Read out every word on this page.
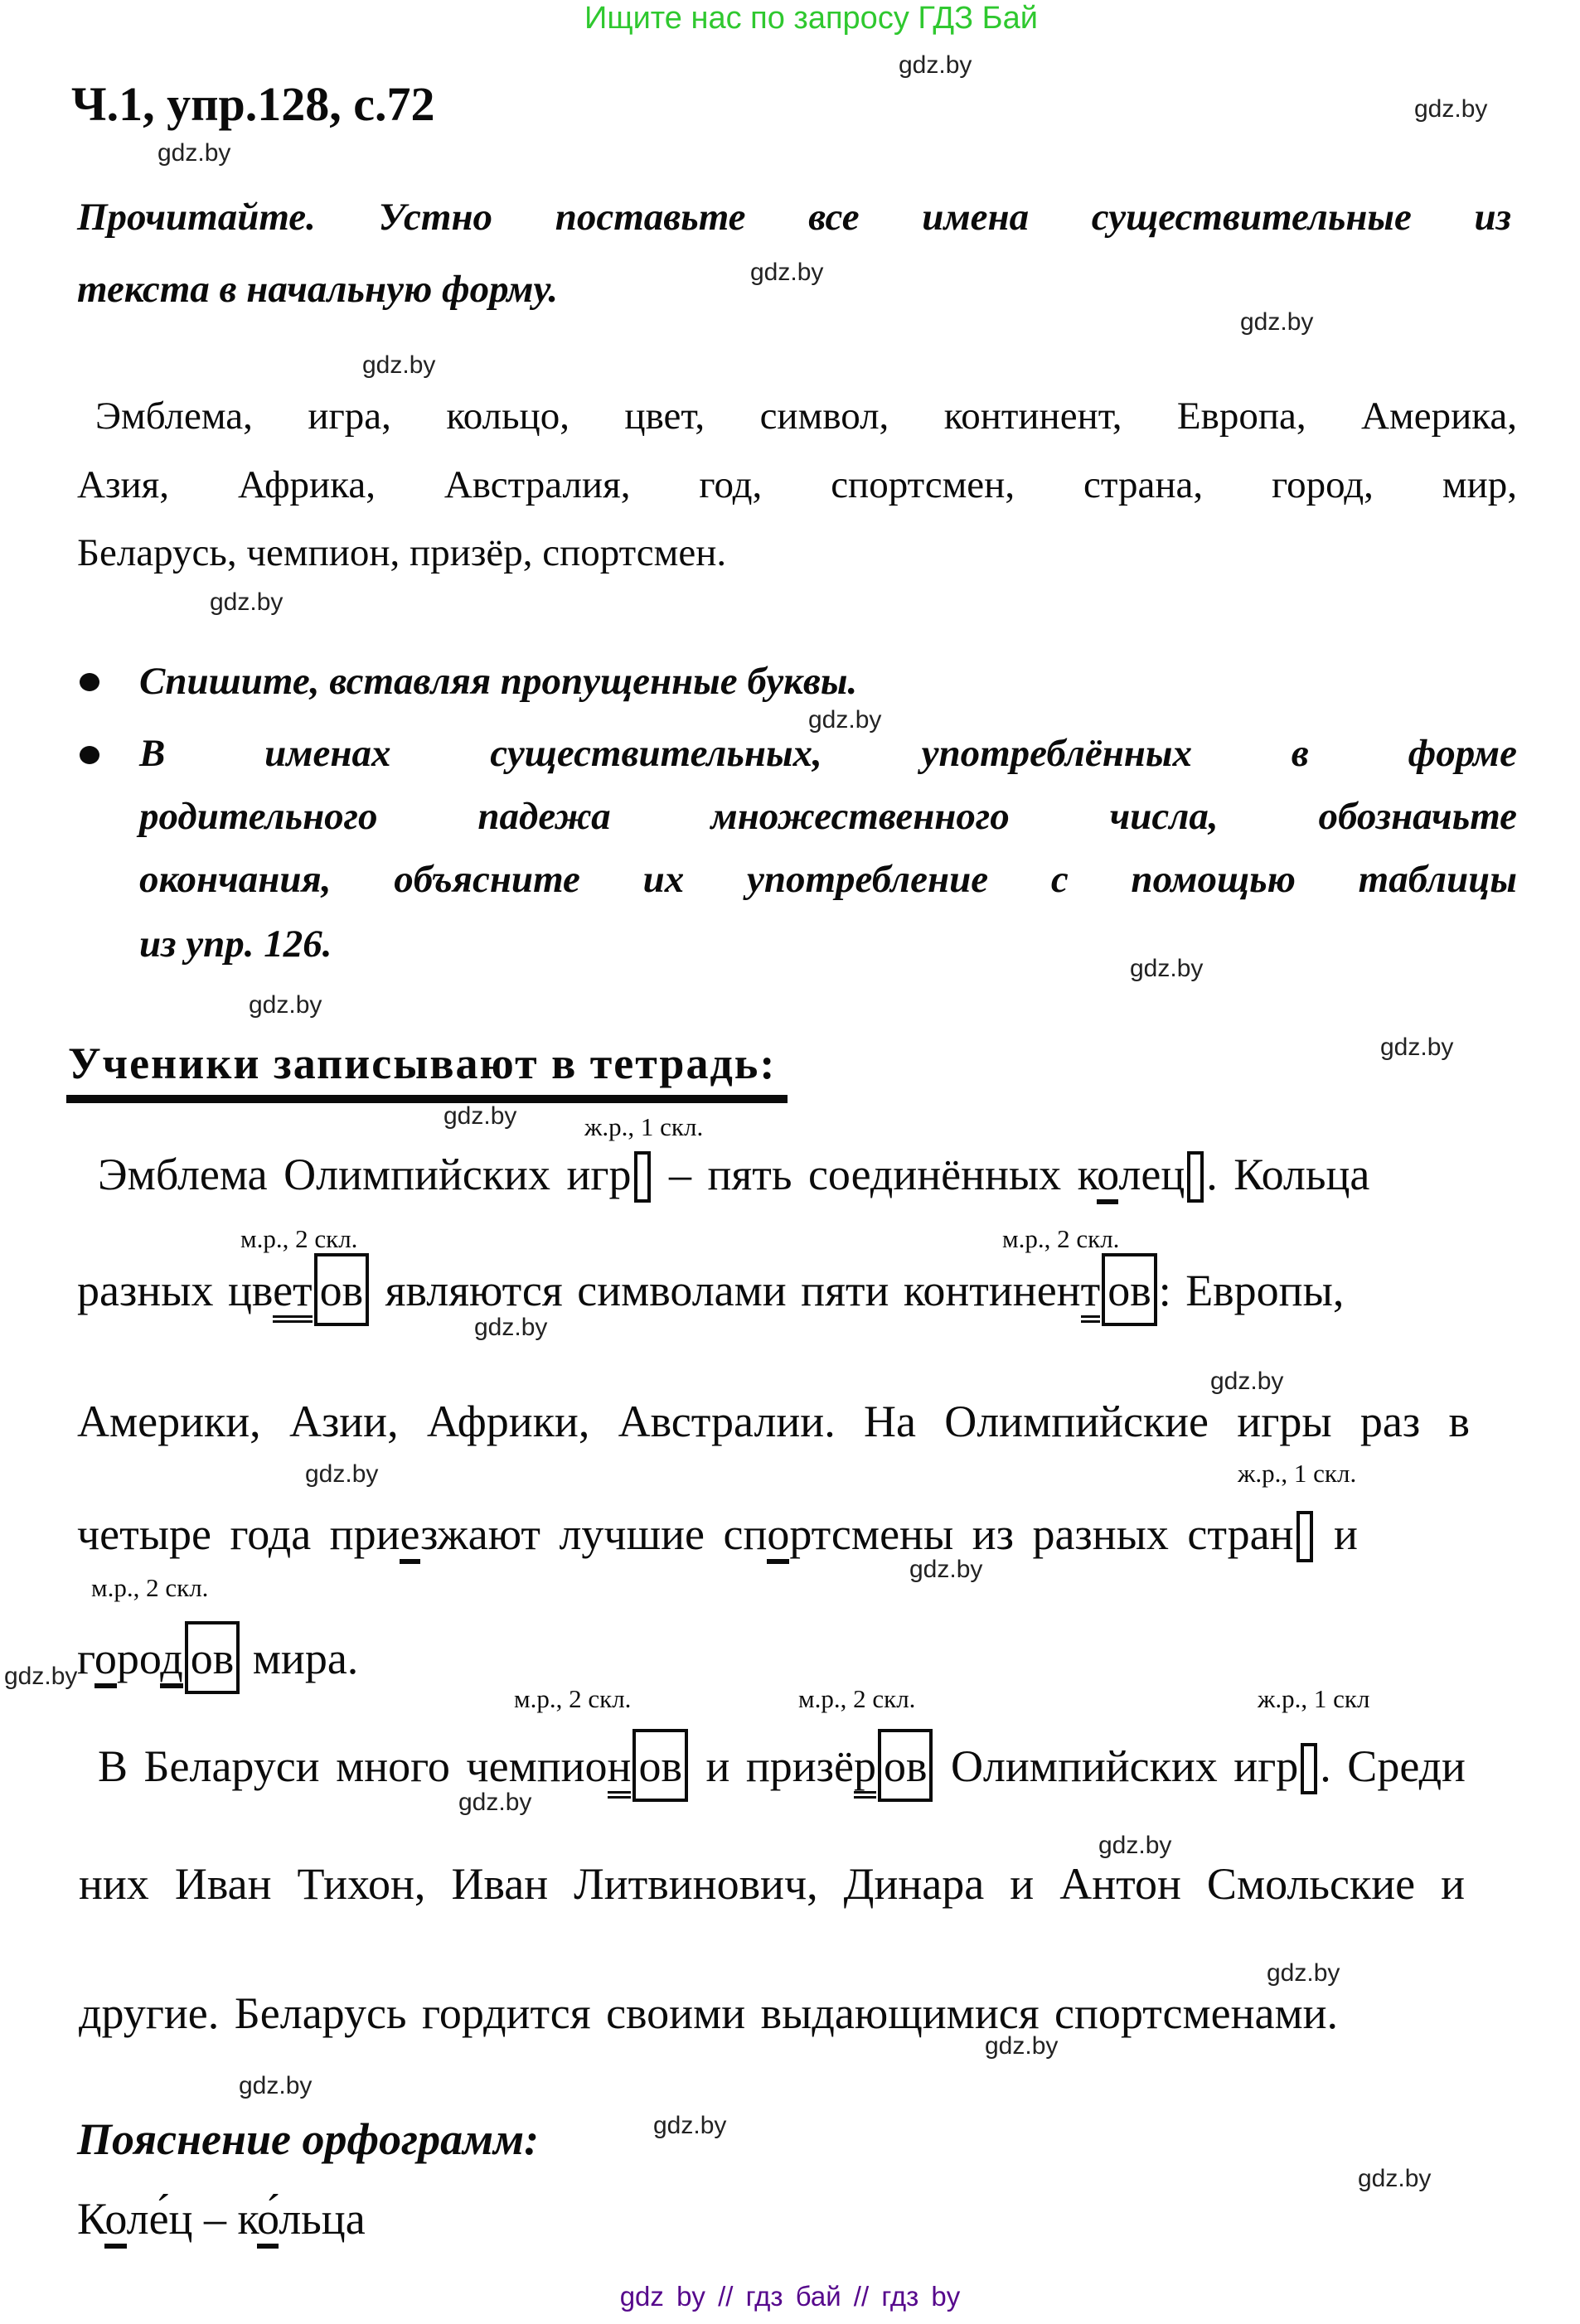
Ищите нас по запросу ГДЗ Бай
gdz.by
gdz.by
gdz.by
gdz.by
gdz.by
gdz.by
gdz.by
gdz.by
gdz.by
gdz.by
gdz.by
gdz.by
gdz.by
gdz.by
gdz.by
gdz.by
gdz.by
gdz.by
gdz.by
gdz.by
gdz.by
gdz.by
gdz.by
gdz.by
Ч.1, упр.128, с.72
Прочитайте. Устно поставьте все имена существительные из
текста в начальную форму.
Эмблема, игра, кольцо, цвет, символ, континент, Европа, Америка,
Азия, Африка, Австралия, год, спортсмен, страна, город, мир,
Беларусь, чемпион, призёр, спортсмен.
Спишите, вставляя пропущенные буквы.
В именах существительных, употреблённых в форме
родительного падежа множественного числа, обозначьте
окончания, объясните их употребление с помощью таблицы
из упр. 126.
Ученики записывают в тетрадь:
ж.р., 1 скл.
м.р., 2 скл.	м.р., 2 скл.
ж.р., 1 скл.
м.р., 2 скл.
м.р., 2 скл.	м.р., 2 скл.	ж.р., 1 скл
Эмблема Олимпийских игр – пять соединённых колец . Кольца
разных цвет ов являются символами пяти континент ов : Европы,
Америки, Азии, Африки, Австралии. На Олимпийские игры раз в
четыре года приезжают лучшие спортсмены из разных стран и
город ов мира.
В Беларуси много чемпион ов и призёр ов Олимпийских игр . Среди
них Иван Тихон, Иван Литвинович, Динара и Антон Смольские и
другие. Беларусь гордится своими выдающимися спортсменами.
Пояснение орфограмм:
Коле́ц – ко́льца
gdz by // гдз бай // гдз by
